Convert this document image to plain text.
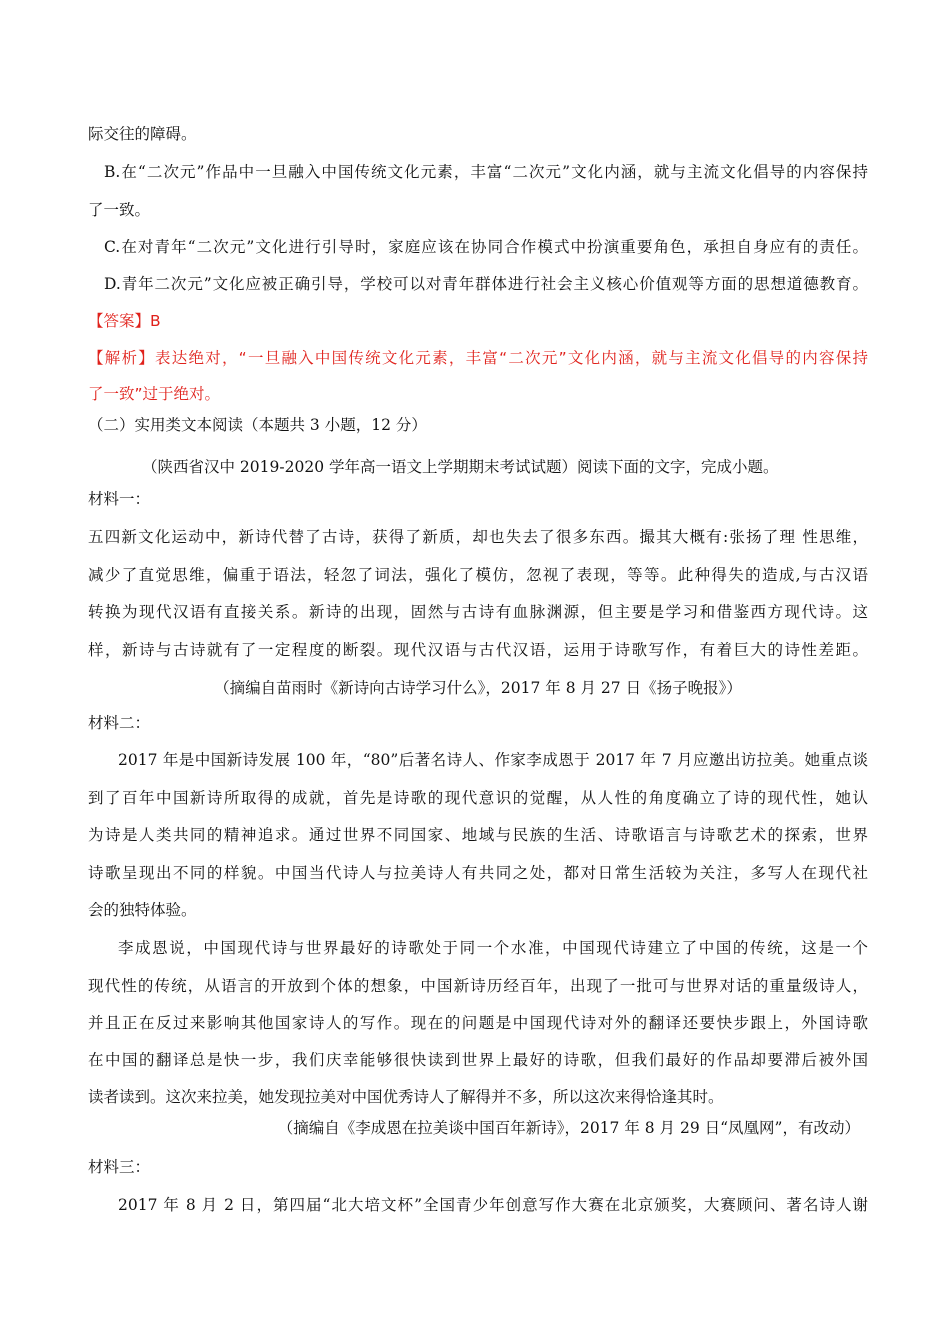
际交往的障碍。
B.在“二次元”作品中一旦融入中国传统文化元素，丰富“二次元”文化内涵，就与主流文化倡导的内容保持
了一致。
C.在对青年“二次元”文化进行引导时，家庭应该在协同合作模式中扮演重要角色，承担自身应有的责任。
D.青年二次元”文化应被正确引导，学校可以对青年群体进行社会主义核心价值观等方面的思想道德教育。
【答案】B
【解析】表达绝对，“一旦融入中国传统文化元素，丰富“二次元”文化内涵，就与主流文化倡导的内容保持
了一致”过于绝对。
（二）实用类文本阅读（本题共 3 小题，12 分）
（陕西省汉中 2019-2020 学年高一语文上学期期末考试试题）阅读下面的文字，完成小题。
材料一：
五四新文化运动中，新诗代替了古诗，获得了新质，却也失去了很多东西。撮其大概有:张扬了理 性思维，
减少了直觉思维，偏重于语法，轻忽了词法，强化了模仿，忽视了表现，等等。此种得失的造成,与古汉语
转换为现代汉语有直接关系。新诗的出现，固然与古诗有血脉渊源，但主要是学习和借鉴西方现代诗。这
样，新诗与古诗就有了一定程度的断裂。现代汉语与古代汉语，运用于诗歌写作，有着巨大的诗性差距。
（摘编自苗雨时《新诗向古诗学习什么》，2017 年 8 月 27 日《扬子晚报》）
材料二：
2017 年是中国新诗发展 100 年，“80”后著名诗人、作家李成恩于 2017 年 7 月应邀出访拉美。她重点谈
到了百年中国新诗所取得的成就，首先是诗歌的现代意识的觉醒，从人性的角度确立了诗的现代性，她认
为诗是人类共同的精神追求。通过世界不同国家、地域与民族的生活、诗歌语言与诗歌艺术的探索，世界
诗歌呈现出不同的样貌。中国当代诗人与拉美诗人有共同之处，都对日常生活较为关注，多写人在现代社
会的独特体验。
李成恩说，中国现代诗与世界最好的诗歌处于同一个水准，中国现代诗建立了中国的传统，这是一个
现代性的传统，从语言的开放到个体的想象，中国新诗历经百年，出现了一批可与世界对话的重量级诗人，
并且正在反过来影响其他国家诗人的写作。现在的问题是中国现代诗对外的翻译还要快步跟上，外国诗歌
在中国的翻译总是快一步，我们庆幸能够很快读到世界上最好的诗歌，但我们最好的作品却要滞后被外国
读者读到。这次来拉美，她发现拉美对中国优秀诗人了解得并不多，所以这次来得恰逢其时。
（摘编自《李成恩在拉美谈中国百年新诗》，2017 年 8 月 29 日“凤凰网”，有改动）
材料三：
2017 年 8 月 2 日，第四届“北大培文杯”全国青少年创意写作大赛在北京颁奖，大赛顾问、著名诗人谢
